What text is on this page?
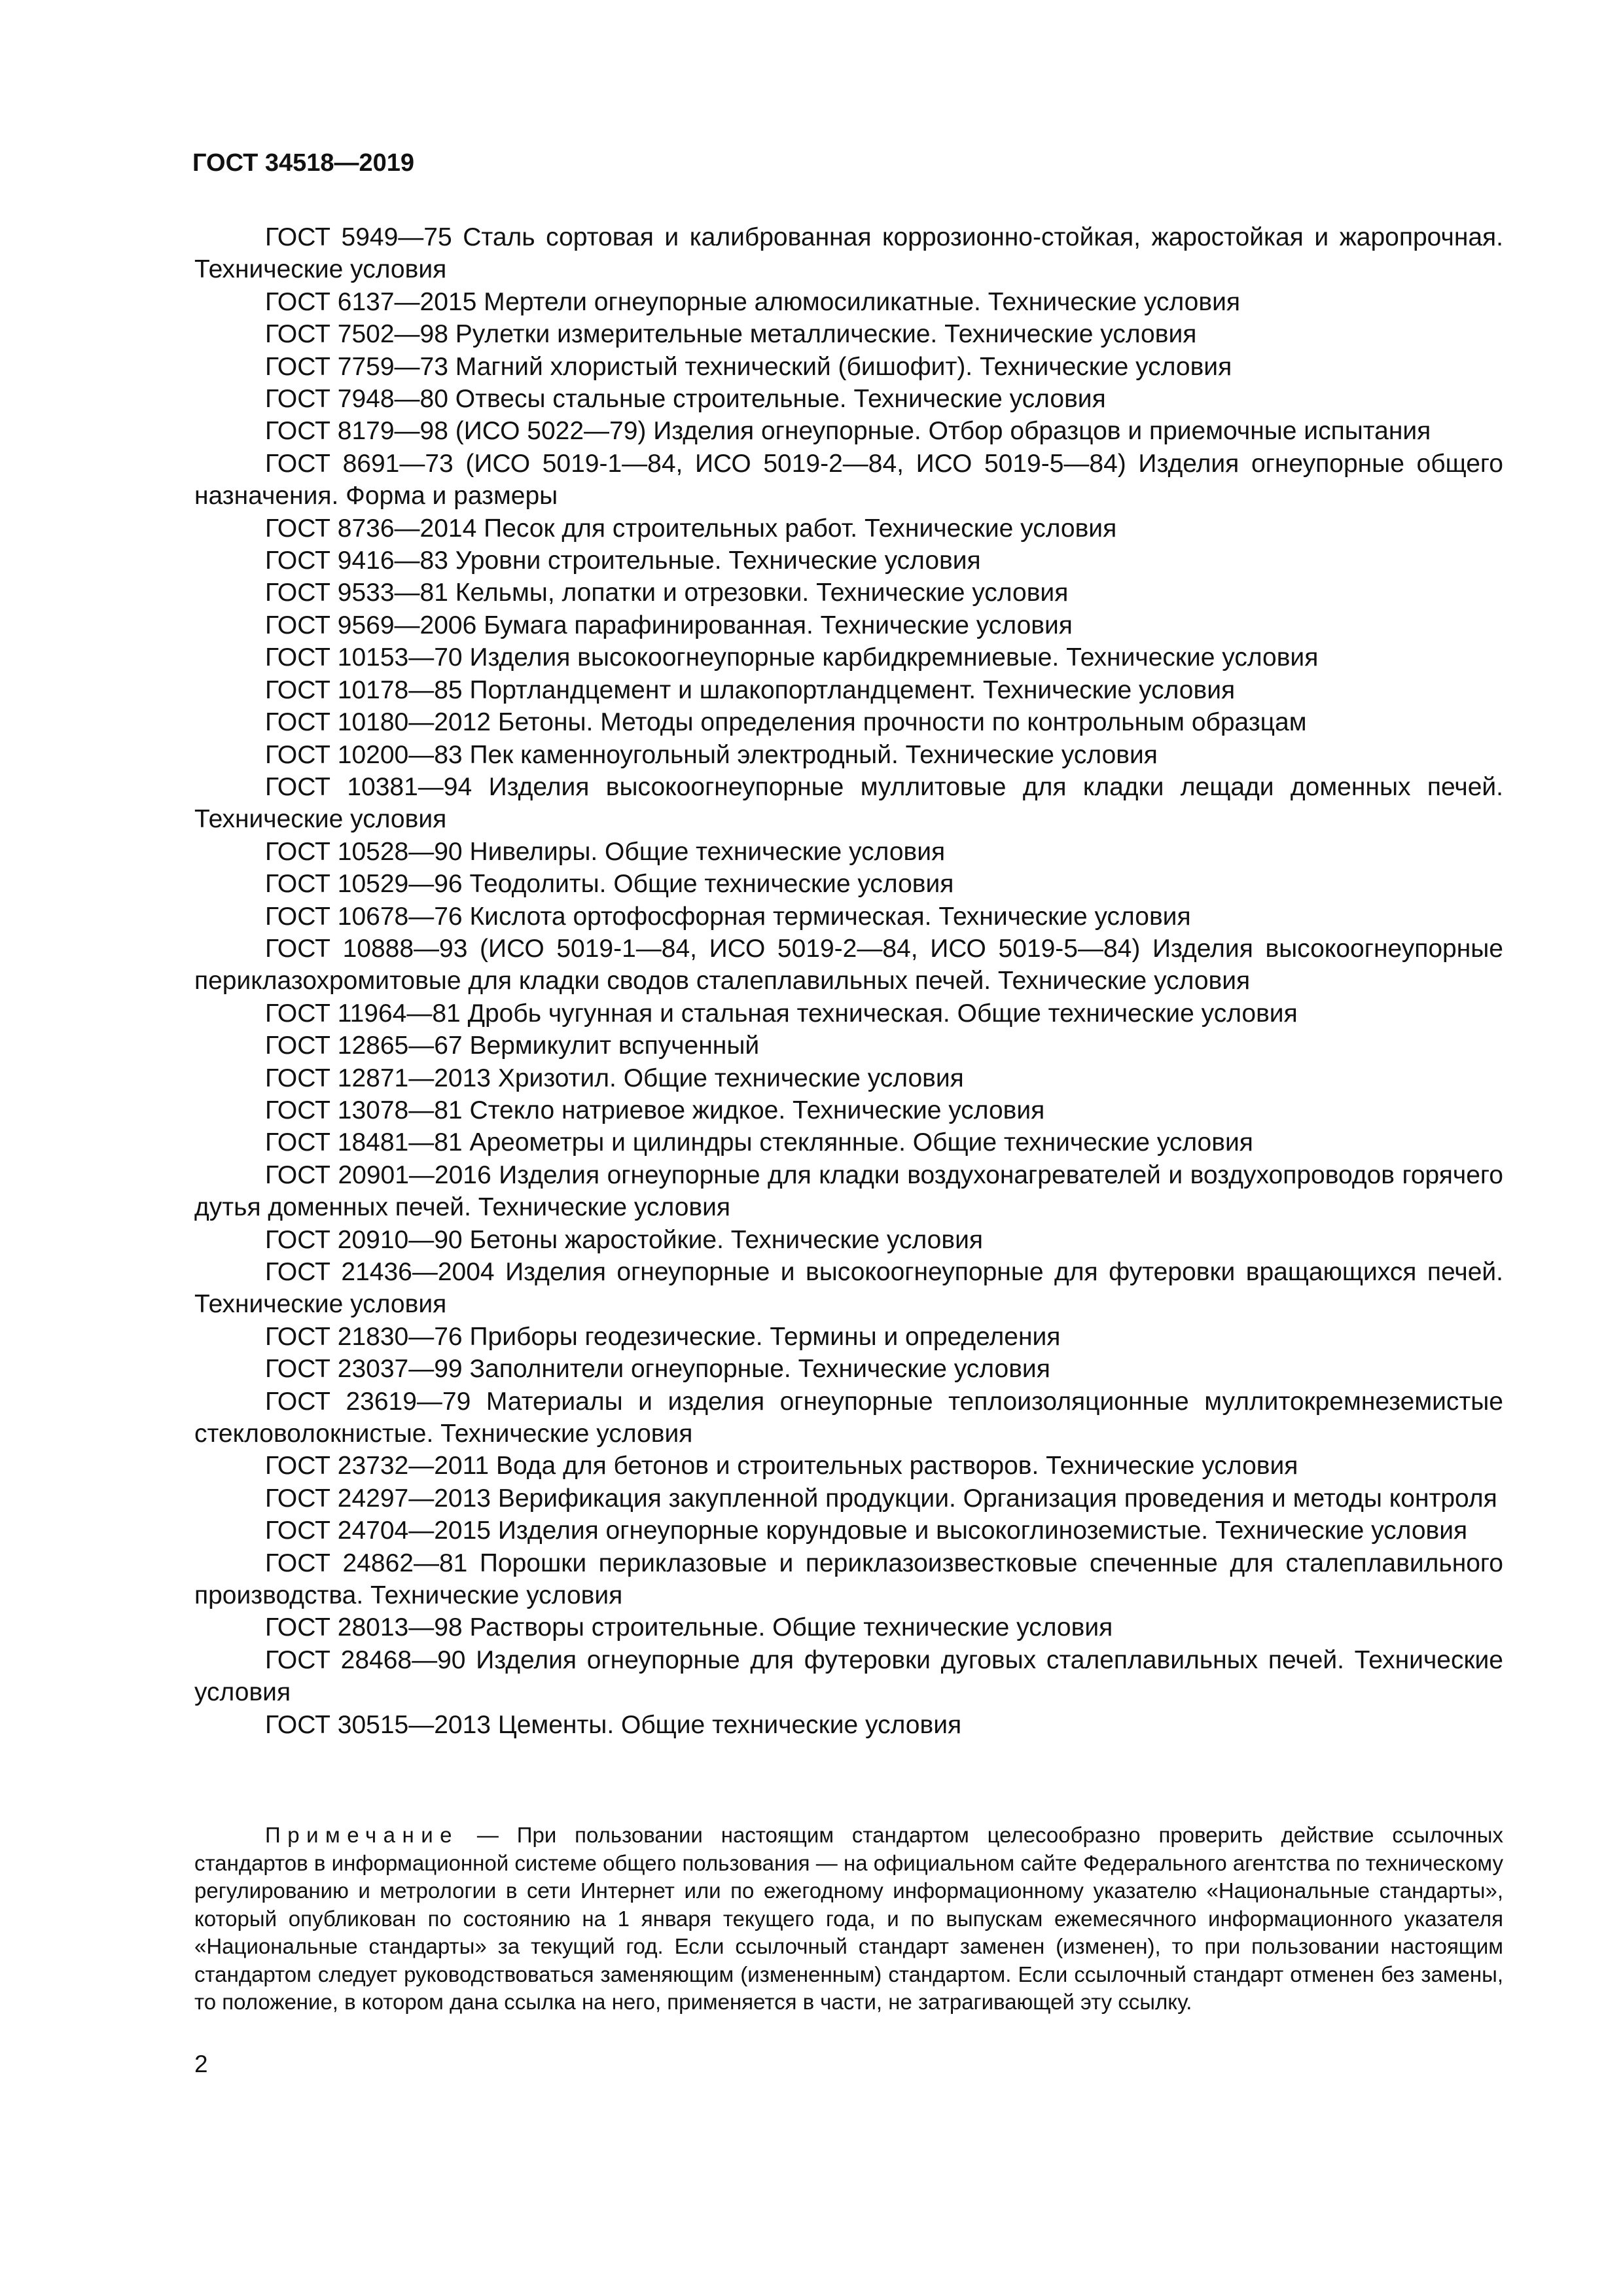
ГОСТ 34518—2019

ГОСТ 5949—75 Сталь сортовая и калиброванная коррозионно-стойкая, жаростойкая и жаропрочная. Технические условия

ГОСТ 6137—2015 Мертели огнеупорные алюмосиликатные. Технические условия

ГОСТ 7502—98 Рулетки измерительные металлические. Технические условия

ГОСТ 7759—73 Магний хлористый технический (бишофит). Технические условия

ГОСТ 7948—80 Отвесы стальные строительные. Технические условия

ГОСТ 8179—98 (ИСО 5022—79) Изделия огнеупорные. Отбор образцов и приемочные испытания

ГОСТ 8691—73 (ИСО 5019-1—84, ИСО 5019-2—84, ИСО 5019-5—84) Изделия огнеупорные общего назначения. Форма и размеры

ГОСТ 8736—2014 Песок для строительных работ. Технические условия

ГОСТ 9416—83 Уровни строительные. Технические условия

ГОСТ 9533—81 Кельмы, лопатки и отрезовки. Технические условия

ГОСТ 9569—2006 Бумага парафинированная. Технические условия

ГОСТ 10153—70 Изделия высокоогнеупорные карбидкремниевые. Технические условия

ГОСТ 10178—85 Портландцемент и шлакопортландцемент. Технические условия

ГОСТ 10180—2012 Бетоны. Методы определения прочности по контрольным образцам

ГОСТ 10200—83 Пек каменноугольный электродный. Технические условия

ГОСТ 10381—94 Изделия высокоогнеупорные муллитовые для кладки лещади доменных печей. Технические условия

ГОСТ 10528—90 Нивелиры. Общие технические условия

ГОСТ 10529—96 Теодолиты. Общие технические условия

ГОСТ 10678—76 Кислота ортофосфорная термическая. Технические условия

ГОСТ 10888—93 (ИСО 5019-1—84, ИСО 5019-2—84, ИСО 5019-5—84) Изделия высокоогнеупорные периклазохромитовые для кладки сводов сталеплавильных печей. Технические условия

ГОСТ 11964—81 Дробь чугунная и стальная техническая. Общие технические условия

ГОСТ 12865—67 Вермикулит вспученный

ГОСТ 12871—2013 Хризотил. Общие технические условия

ГОСТ 13078—81 Стекло натриевое жидкое. Технические условия

ГОСТ 18481—81 Ареометры и цилиндры стеклянные. Общие технические условия

ГОСТ 20901—2016 Изделия огнеупорные для кладки воздухонагревателей и воздухопроводов горячего дутья доменных печей. Технические условия

ГОСТ 20910—90 Бетоны жаростойкие. Технические условия

ГОСТ 21436—2004 Изделия огнеупорные и высокоогнеупорные для футеровки вращающихся печей. Технические условия

ГОСТ 21830—76 Приборы геодезические. Термины и определения

ГОСТ 23037—99 Заполнители огнеупорные. Технические условия

ГОСТ 23619—79 Материалы и изделия огнеупорные теплоизоляционные муллитокремнеземистые стекловолокнистые. Технические условия

ГОСТ 23732—2011 Вода для бетонов и строительных растворов. Технические условия

ГОСТ 24297—2013 Верификация закупленной продукции. Организация проведения и методы контроля

ГОСТ 24704—2015 Изделия огнеупорные корундовые и высокоглиноземистые. Технические условия

ГОСТ 24862—81 Порошки периклазовые и периклазоизвестковые спеченные для сталеплавильного производства. Технические условия

ГОСТ 28013—98 Растворы строительные. Общие технические условия

ГОСТ 28468—90 Изделия огнеупорные для футеровки дуговых сталеплавильных печей. Технические условия

ГОСТ 30515—2013 Цементы. Общие технические условия

Примечание — При пользовании настоящим стандартом целесообразно проверить действие ссылочных стандартов в информационной системе общего пользования — на официальном сайте Федерального агентства по техническому регулированию и метрологии в сети Интернет или по ежегодному информационному указателю «Национальные стандарты», который опубликован по состоянию на 1 января текущего года, и по выпускам ежемесячного информационного указателя «Национальные стандарты» за текущий год. Если ссылочный стандарт заменен (изменен), то при пользовании настоящим стандартом следует руководствоваться заменяющим (измененным) стандартом. Если ссылочный стандарт отменен без замены, то положение, в котором дана ссылка на него, применяется в части, не затрагивающей эту ссылку.

2
